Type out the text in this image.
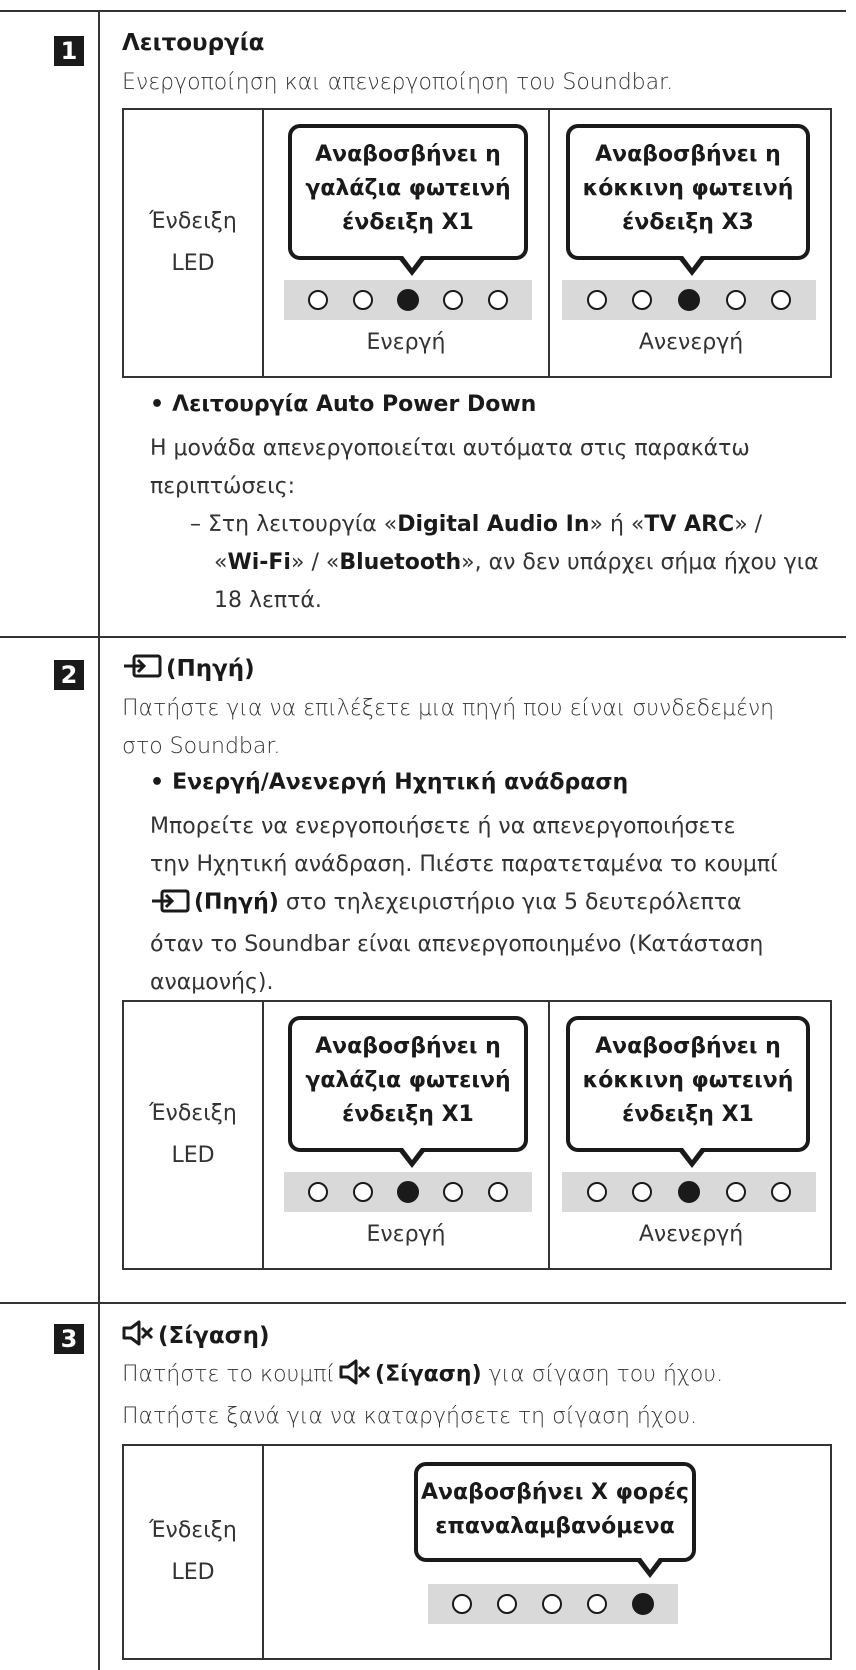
1 Λειτουργία
Ενεργοποίηση και απενεργοποίηση του Soundbar.
Ένδειξη
LED
Αναβοσβήνει η
γαλάζια φωτεινή
ένδειξη X1
Ενεργή
Αναβοσβήνει η
κόκκινη φωτεινή
ένδειξη X3
Ανενεργή
• Λειτουργία Auto Power Down
Η μονάδα απενεργοποιείται αυτόματα στις παρακάτω
περιπτώσεις:
– Στη λειτουργία «Digital Audio In» ή «TV ARC» /
«Wi-Fi» / «Bluetooth», αν δεν υπάρχει σήμα ήχου για
18 λεπτά.
2	(Πηγή)
Πατήστε για να επιλέξετε μια πηγή που είναι συνδεδεμένη
στο Soundbar.
• Ενεργή/Ανενεργή Ηχητική ανάδραση
Μπορείτε να ενεργοποιήσετε ή να απενεργοποιήσετε
την Ηχητική ανάδραση. Πιέστε παρατεταμένα το κουμπί
(Πηγή) στο τηλεχειριστήριο για 5 δευτερόλεπτα
όταν το Soundbar είναι απενεργοποιημένο (Κατάσταση
αναμονής).
Ένδειξη
LED
Αναβοσβήνει η
γαλάζια φωτεινή
ένδειξη X1
Ενεργή
Αναβοσβήνει η
κόκκινη φωτεινή
ένδειξη X1
Ανενεργή
3	(Σίγαση)
Πατήστε το κουμπί (Σίγαση) για σίγαση του ήχου.
Πατήστε ξανά για να καταργήσετε τη σίγαση ήχου.
Ένδειξη
LED
Αναβοσβήνει X φορές
επαναλαμβανόμενα
